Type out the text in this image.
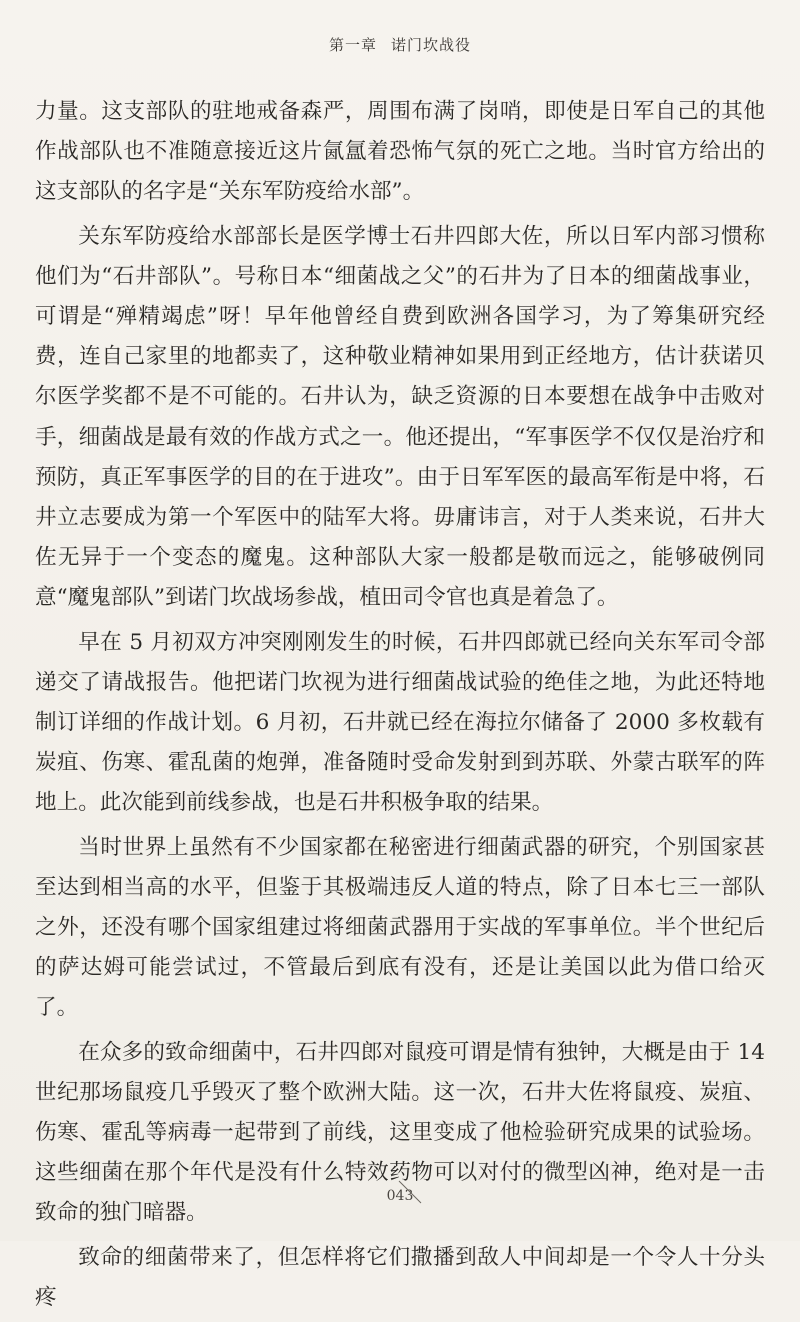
第一章 诺门坎战役

力量。这支部队的驻地戒备森严，周围布满了岗哨，即使是日军自己的其他作战部队也不准随意接近这片氤氲着恐怖气氛的死亡之地。当时官方给出的这支部队的名字是“关东军防疫给水部”。

关东军防疫给水部部长是医学博士石井四郎大佐，所以日军内部习惯称他们为“石井部队”。号称日本“细菌战之父”的石井为了日本的细菌战事业，可谓是“殚精竭虑”呀！早年他曾经自费到欧洲各国学习，为了筹集研究经费，连自己家里的地都卖了，这种敬业精神如果用到正经地方，估计获诺贝尔医学奖都不是不可能的。石井认为，缺乏资源的日本要想在战争中击败对手，细菌战是最有效的作战方式之一。他还提出，“军事医学不仅仅是治疗和预防，真正军事医学的目的在于进攻”。由于日军军医的最高军衔是中将，石井立志要成为第一个军医中的陆军大将。毋庸讳言，对于人类来说，石井大佐无异于一个变态的魔鬼。这种部队大家一般都是敬而远之，能够破例同意“魔鬼部队”到诺门坎战场参战，植田司令官也真是着急了。

早在 5 月初双方冲突刚刚发生的时候，石井四郎就已经向关东军司令部递交了请战报告。他把诺门坎视为进行细菌战试验的绝佳之地，为此还特地制订详细的作战计划。6 月初，石井就已经在海拉尔储备了 2000 多枚载有炭疽、伤寒、霍乱菌的炮弹，准备随时受命发射到到苏联、外蒙古联军的阵地上。此次能到前线参战，也是石井积极争取的结果。

当时世界上虽然有不少国家都在秘密进行细菌武器的研究，个别国家甚至达到相当高的水平，但鉴于其极端违反人道的特点，除了日本七三一部队之外，还没有哪个国家组建过将细菌武器用于实战的军事单位。半个世纪后的萨达姆可能尝试过，不管最后到底有没有，还是让美国以此为借口给灭了。

在众多的致命细菌中，石井四郎对鼠疫可谓是情有独钟，大概是由于 14 世纪那场鼠疫几乎毁灭了整个欧洲大陆。这一次，石井大佐将鼠疫、炭疽、伤寒、霍乱等病毒一起带到了前线，这里变成了他检验研究成果的试验场。这些细菌在那个年代是没有什么特效药物可以对付的微型凶神，绝对是一击致命的独门暗器。

致命的细菌带来了，但怎样将它们撒播到敌人中间却是一个令人十分头疼

043
